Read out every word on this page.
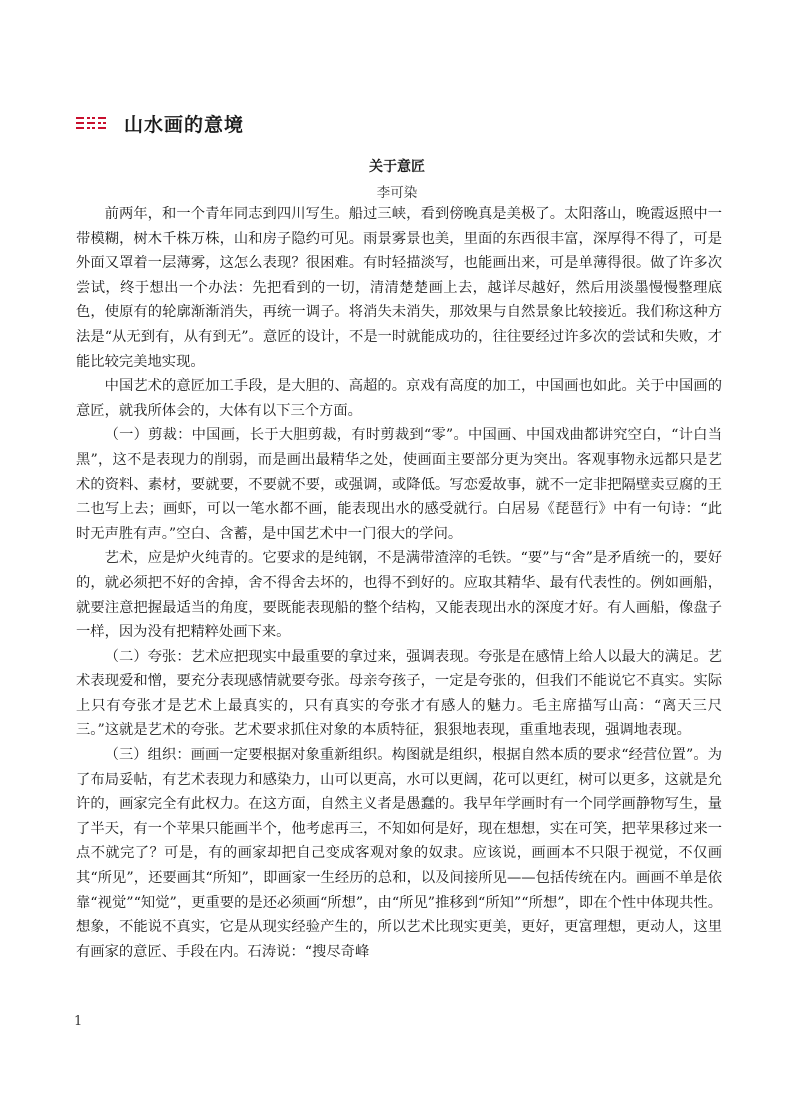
山水画的意境
关于意匠
李可染

前两年，和一个青年同志到四川写生。船过三峡，看到傍晚真是美极了。太阳落山，晚霞返照中一带模糊，树木千株万株，山和房子隐约可见。雨景雾景也美，里面的东西很丰富，深厚得不得了，可是外面又罩着一层薄雾，这怎么表现？很困难。有时轻描淡写，也能画出来，可是单薄得很。做了许多次尝试，终于想出一个办法：先把看到的一切，清清楚楚画上去，越详尽越好，然后用淡墨慢慢整理底色，使原有的轮廓渐渐消失，再统一调子。将消失未消失，那效果与自然景象比较接近。我们称这种方法是“从无到有，从有到无”。意匠的设计，不是一时就能成功的，往往要经过许多次的尝试和失败，才能比较完美地实现。

中国艺术的意匠加工手段，是大胆的、高超的。京戏有高度的加工，中国画也如此。关于中国画的意匠，就我所体会的，大体有以下三个方面。

（一）剪裁：中国画，长于大胆剪裁，有时剪裁到“零”。中国画、中国戏曲都讲究空白，“计白当黑”，这不是表现力的削弱，而是画出最精华之处，使画面主要部分更为突出。客观事物永远都只是艺术的资料、素材，要就要，不要就不要，或强调，或降低。写恋爱故事，就不一定非把隔壁卖豆腐的王二也写上去；画虾，可以一笔水都不画，能表现出水的感受就行。白居易《琵琶行》中有一句诗：“此时无声胜有声。”空白、含蓄，是中国艺术中一门很大的学问。

艺术，应是炉火纯青的。它要求的是纯钢，不是满带渣滓的毛铁。“要”与“舍”是矛盾统一的，要好的，就必须把不好的舍掉，舍不得舍去坏的，也得不到好的。应取其精华、最有代表性的。例如画船，就要注意把握最适当的角度，要既能表现船的整个结构，又能表现出水的深度才好。有人画船，像盘子一样，因为没有把精粹处画下来。

（二）夸张：艺术应把现实中最重要的拿过来，强调表现。夸张是在感情上给人以最大的满足。艺术表现爱和憎，要充分表现感情就要夸张。母亲夸孩子，一定是夸张的，但我们不能说它不真实。实际上只有夸张才是艺术上最真实的，只有真实的夸张才有感人的魅力。毛主席描写山高：“离天三尺三。”这就是艺术的夸张。艺术要求抓住对象的本质特征，狠狠地表现，重重地表现，强调地表现。

（三）组织：画画一定要根据对象重新组织。构图就是组织，根据自然本质的要求“经营位置”。为了布局妥帖，有艺术表现力和感染力，山可以更高，水可以更阔，花可以更红，树可以更多，这就是允许的，画家完全有此权力。在这方面，自然主义者是愚蠢的。我早年学画时有一个同学画静物写生，量了半天，有一个苹果只能画半个，他考虑再三，不知如何是好，现在想想，实在可笑，把苹果移过来一点不就完了？可是，有的画家却把自己变成客观对象的奴隶。应该说，画画本不只限于视觉，不仅画其“所见”，还要画其“所知”，即画家一生经历的总和，以及间接所见——包括传统在内。画画不单是依靠“视觉”“知觉”，更重要的是还必须画“所想”，由“所见”推移到“所知”“所想”，即在个性中体现共性。想象，不能说不真实，它是从现实经验产生的，所以艺术比现实更美，更好，更富理想，更动人，这里有画家的意匠、手段在内。石涛说：“搜尽奇峰

1
